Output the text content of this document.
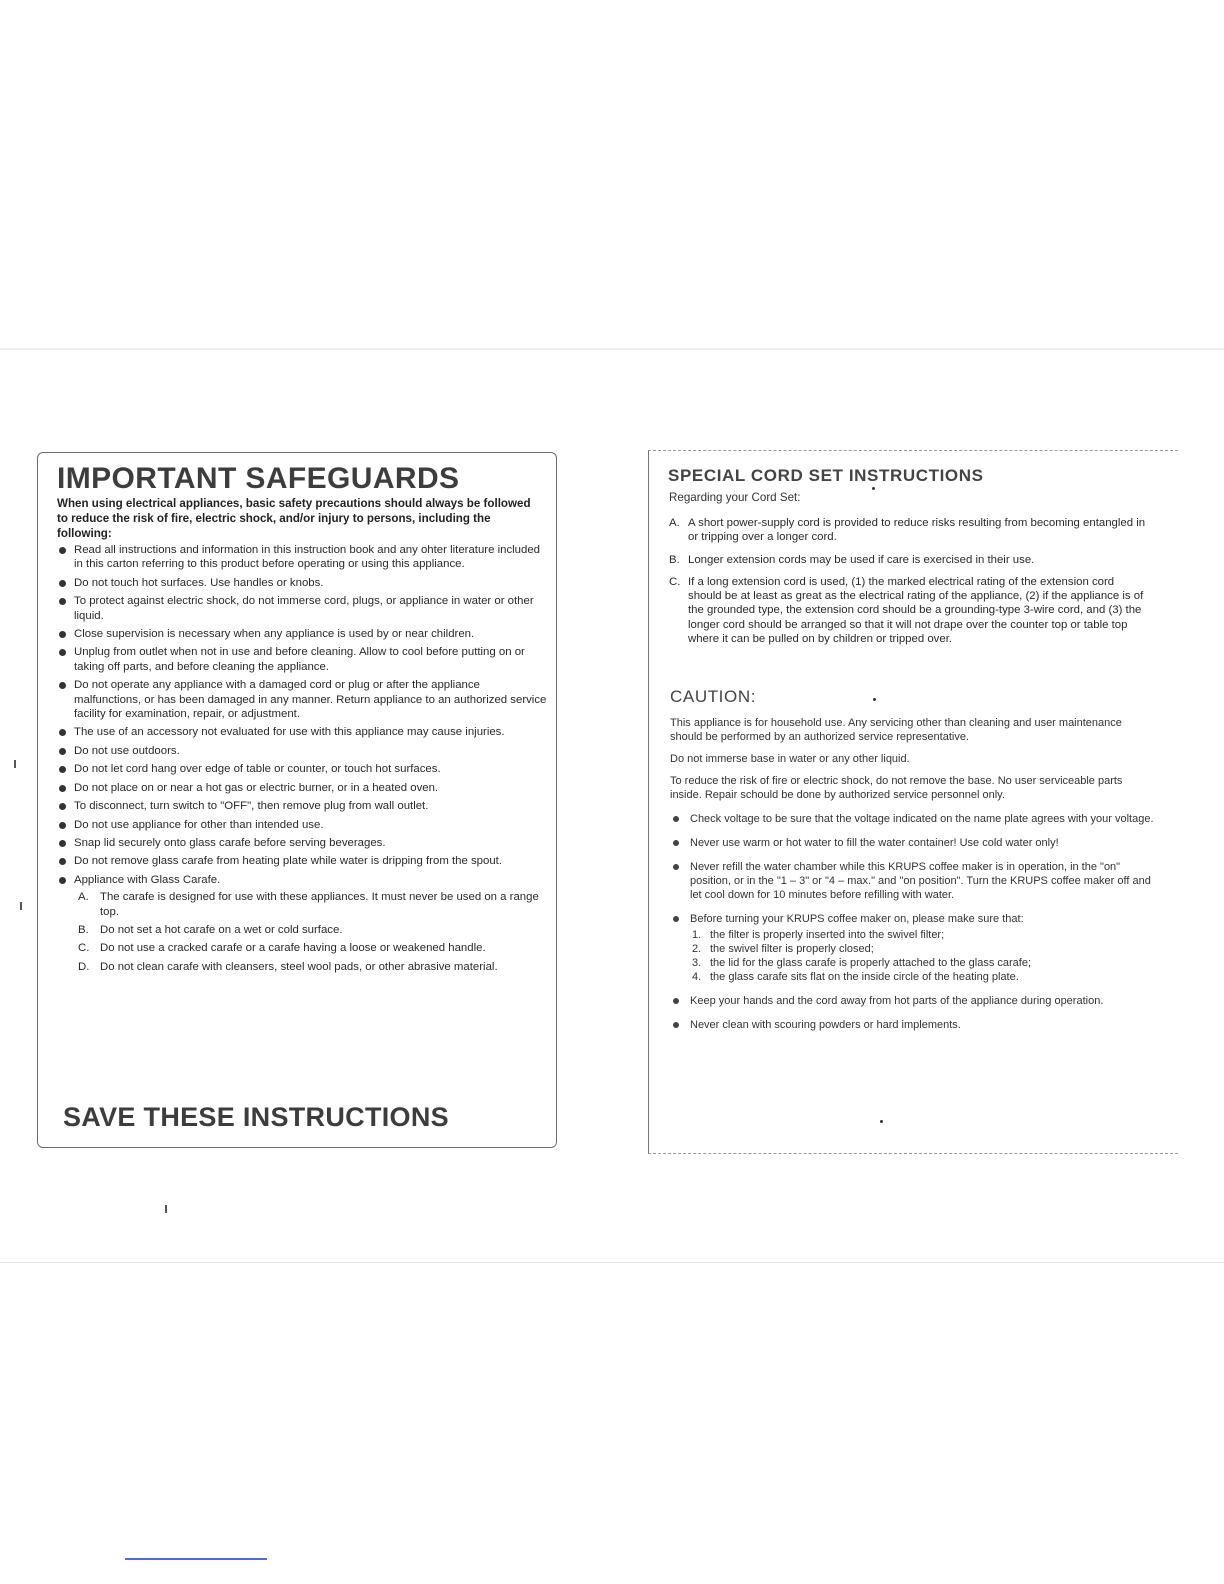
IMPORTANT SAFEGUARDS
When using electrical appliances, basic safety precautions should always be followed to reduce the risk of fire, electric shock, and/or injury to persons, including the following:
Read all instructions and information in this instruction book and any ohter literature included in this carton referring to this product before operating or using this appliance.
Do not touch hot surfaces. Use handles or knobs.
To protect against electric shock, do not immerse cord, plugs, or appliance in water or other liquid.
Close supervision is necessary when any appliance is used by or near children.
Unplug from outlet when not in use and before cleaning. Allow to cool before putting on or taking off parts, and before cleaning the appliance.
Do not operate any appliance with a damaged cord or plug or after the appliance malfunctions, or has been damaged in any manner. Return appliance to an authorized service facility for examination, repair, or adjustment.
The use of an accessory not evaluated for use with this appliance may cause injuries.
Do not use outdoors.
Do not let cord hang over edge of table or counter, or touch hot surfaces.
Do not place on or near a hot gas or electric burner, or in a heated oven.
To disconnect, turn switch to "OFF", then remove plug from wall outlet.
Do not use appliance for other than intended use.
Snap lid securely onto glass carafe before serving beverages.
Do not remove glass carafe from heating plate while water is dripping from the spout.
Appliance with Glass Carafe.
A. The carafe is designed for use with these appliances. It must never be used on a range top.
B. Do not set a hot carafe on a wet or cold surface.
C. Do not use a cracked carafe or a carafe having a loose or weakened handle.
D. Do not clean carafe with cleansers, steel wool pads, or other abrasive material.
SAVE THESE INSTRUCTIONS
SPECIAL CORD SET INSTRUCTIONS
Regarding your Cord Set:
A. A short power-supply cord is provided to reduce risks resulting from becoming entangled in or tripping over a longer cord.
B. Longer extension cords may be used if care is exercised in their use.
C. If a long extension cord is used, (1) the marked electrical rating of the extension cord should be at least as great as the electrical rating of the appliance, (2) if the appliance is of the grounded type, the extension cord should be a grounding-type 3-wire cord, and (3) the longer cord should be arranged so that it will not drape over the counter top or table top where it can be pulled on by children or tripped over.
CAUTION:
This appliance is for household use. Any servicing other than cleaning and user maintenance should be performed by an authorized service representative.
Do not immerse base in water or any other liquid.
To reduce the risk of fire or electric shock, do not remove the base. No user serviceable parts inside. Repair schould be done by authorized service personnel only.
Check voltage to be sure that the voltage indicated on the name plate agrees with your voltage.
Never use warm or hot water to fill the water container! Use cold water only!
Never refill the water chamber while this KRUPS coffee maker is in operation, in the "on" position, or in the "1 – 3" or "4 – max." and "on position". Turn the KRUPS coffee maker off and let cool down for 10 minutes before refilling with water.
Before turning your KRUPS coffee maker on, please make sure that:
1. the filter is properly inserted into the swivel filter;
2. the swivel filter is properly closed;
3. the lid for the glass carafe is properly attached to the glass carafe;
4. the glass carafe sits flat on the inside circle of the heating plate.
Keep your hands and the cord away from hot parts of the appliance during operation.
Never clean with scouring powders or hard implements.
